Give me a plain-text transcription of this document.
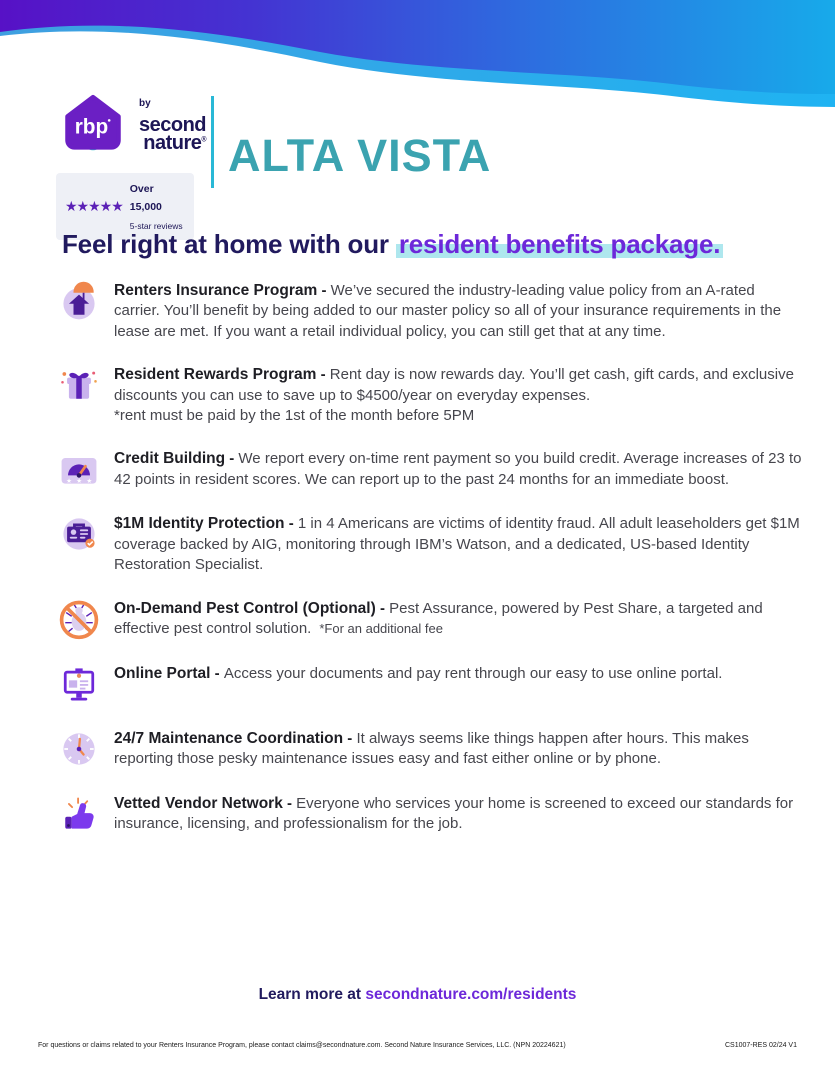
rbp
$^{by}$second
nature®
★★★★★
Over 15,000
5-star reviews
ALTA VISTA
Feel right at home with our resident benefits package.

Renters Insurance Program - We’ve secured the industry-leading value policy from an A-rated carrier. You’ll benefit by being added to our master policy so all of your insurance requirements in the lease are met. If you want a retail individual policy, you can still get that at any time.

Resident Rewards Program - Rent day is now rewards day. You’ll get cash, gift cards, and exclusive discounts you can use to save up to $4500/year on everyday expenses.
*rent must be paid by the 1st of the month before 5PM

★ ★ ★

Credit Building - We report every on-time rent payment so you build credit. Average increases of 23 to 42 points in resident scores. We can report up to the past 24 months for an immediate boost.

$1M Identity Protection - 1 in 4 Americans are victims of identity fraud. All adult leaseholders get $1M coverage backed by AIG, monitoring through IBM’s Watson, and a dedicated, US-based Identity Restoration Specialist.

On-Demand Pest Control (Optional) - Pest Assurance, powered by Pest Share, a targeted and effective pest control solution. *For an additional fee

Online Portal - Access your documents and pay rent through our easy to use online portal.

24/7 Maintenance Coordination - It always seems like things happen after hours. This makes reporting those pesky maintenance issues easy and fast either online or by phone.

Vetted Vendor Network - Everyone who services your home is screened to exceed our standards for insurance, licensing, and professionalism for the job.

Learn more at secondnature.com/residents
For questions or claims related to your Renters Insurance Program, please contact claims@secondnature.com. Second Nature Insurance Services, LLC. (NPN 20224621)	CS1007-RES 02/24 V1
